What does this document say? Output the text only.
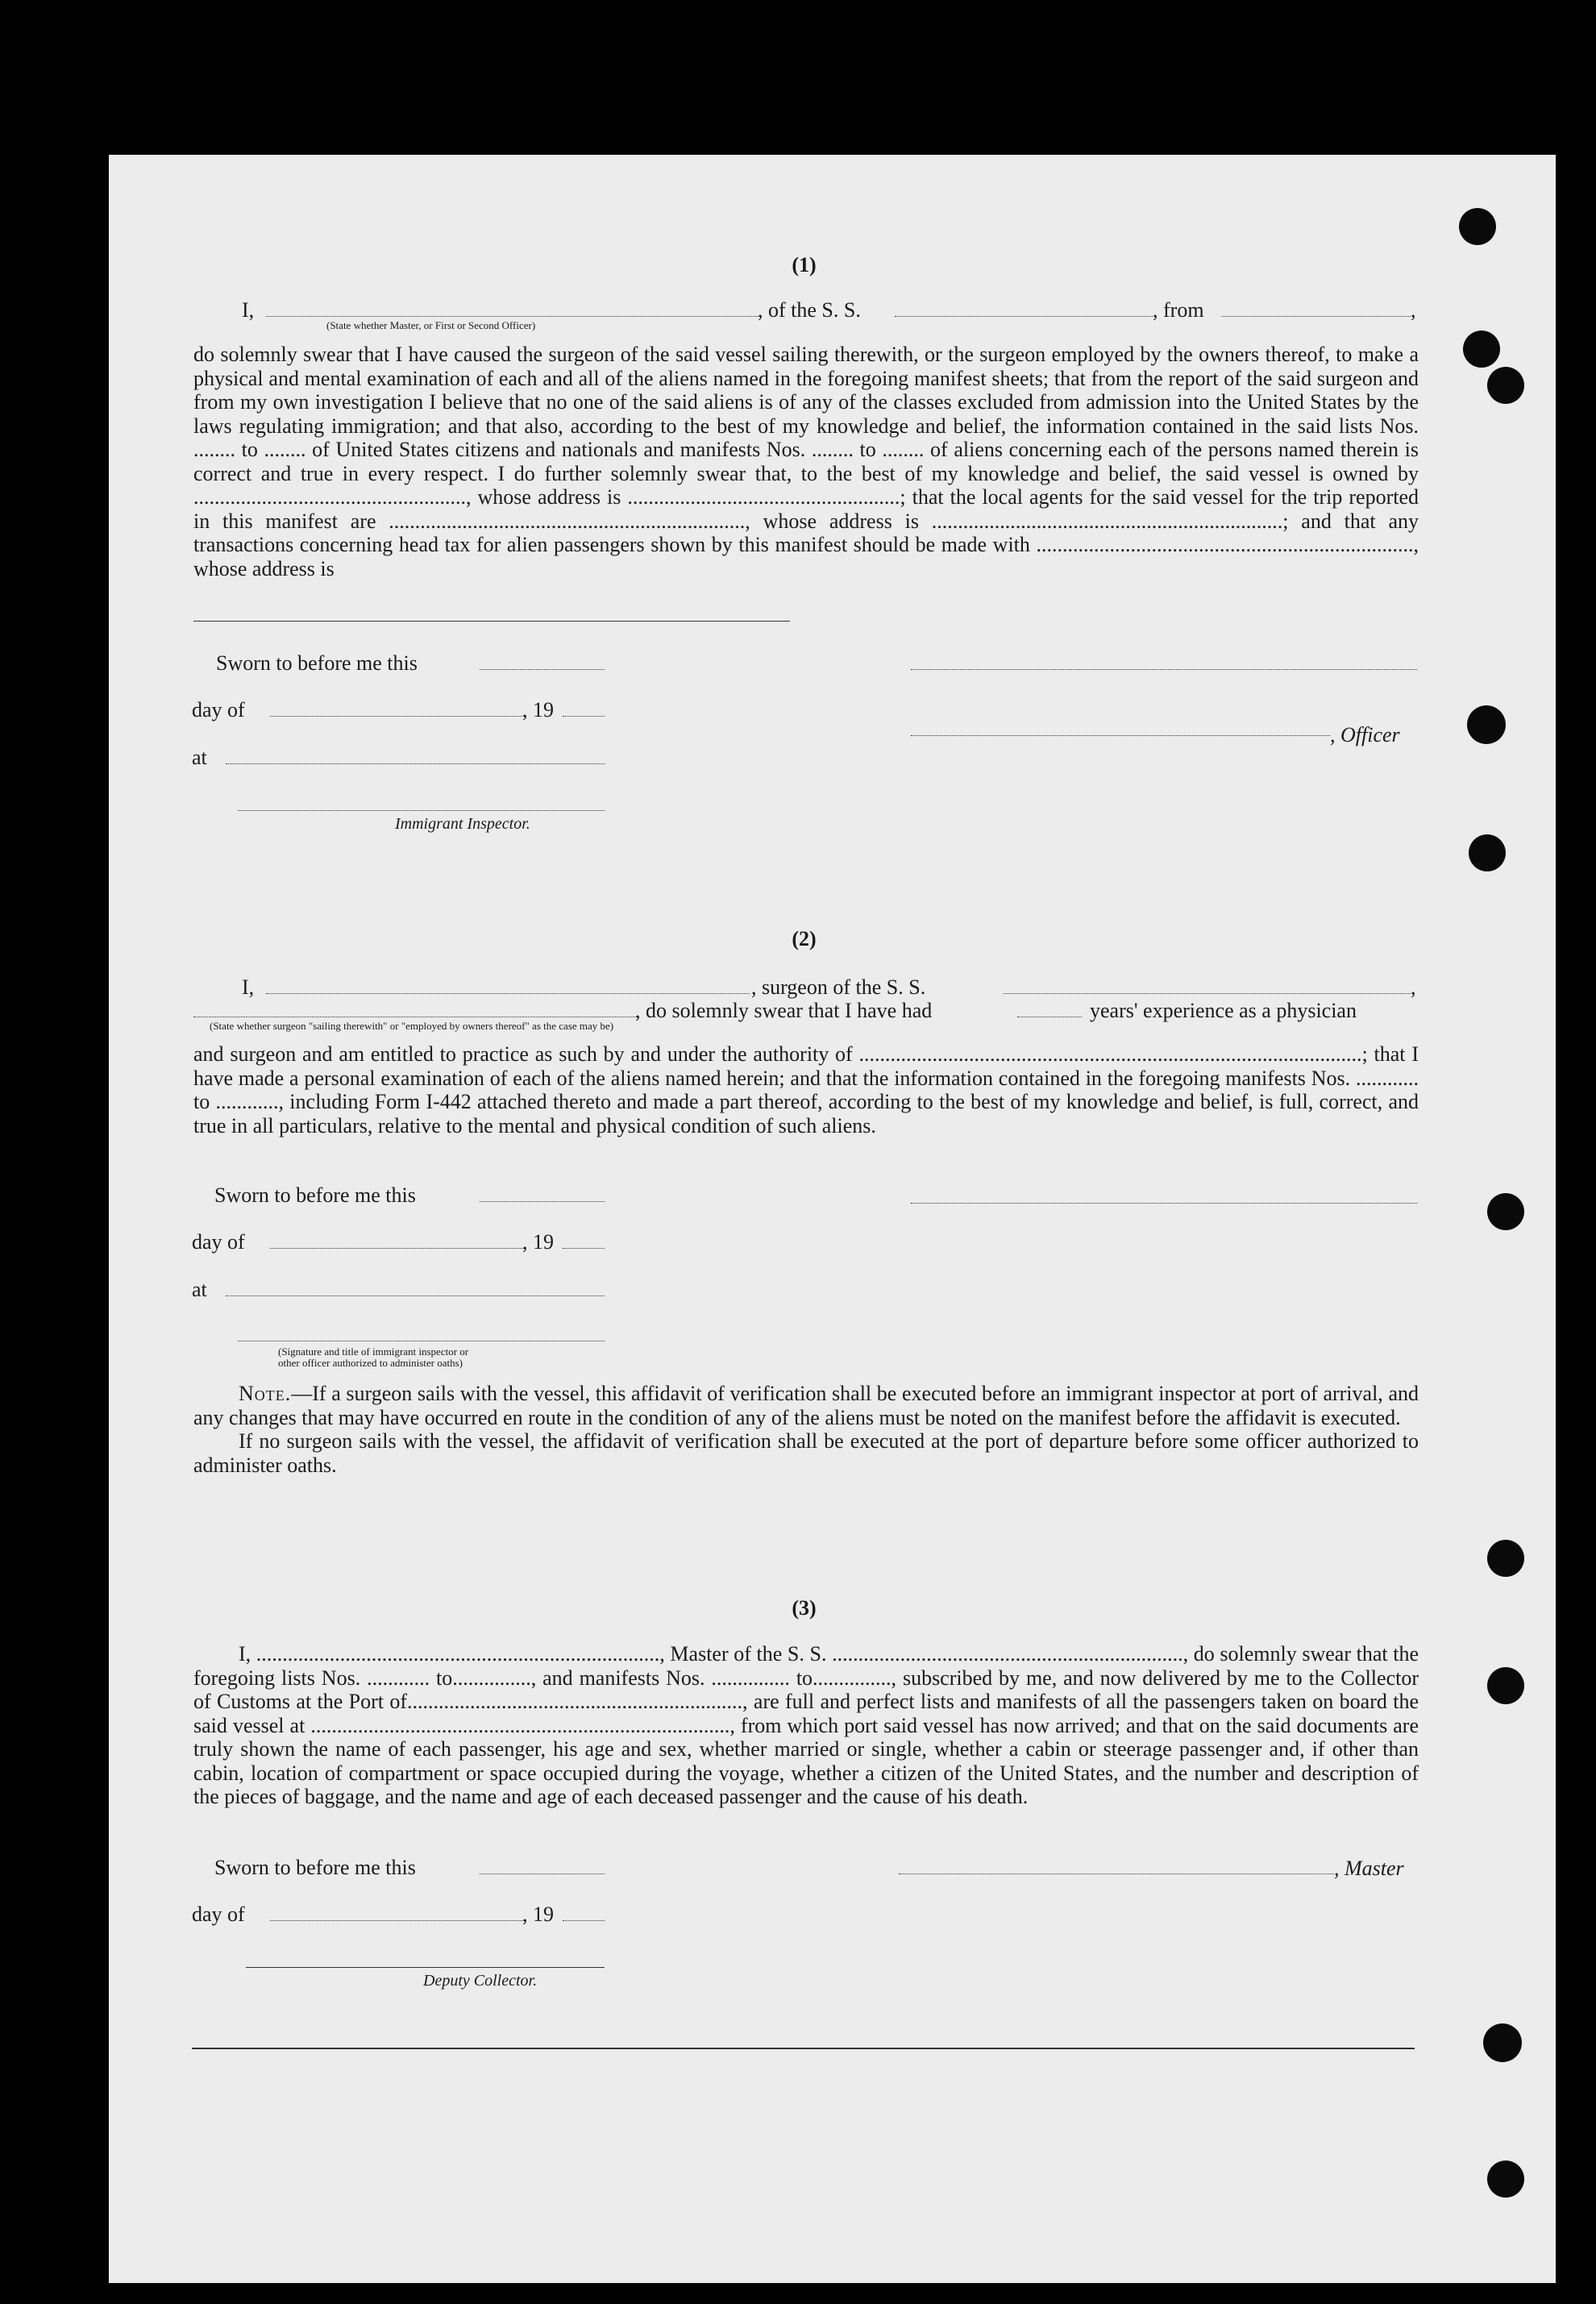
(1)
I,
(State whether Master, or First or Second Officer)
, of the S. S.	, from	,

do solemnly swear that I have caused the surgeon of the said vessel sailing therewith, or the surgeon employed by the owners thereof, to make a physical and mental examination of each and all of the aliens named in the foregoing manifest sheets; that from the report of the said surgeon and from my own investigation I believe that no one of the said aliens is of any of the classes excluded from admission into the United States by the laws regulating immigration; and that also, according to the best of my knowledge and belief, the information contained in the said lists Nos. ........ to ........ of United States citizens and nationals and manifests Nos. ........ to ........ of aliens concerning each of the persons named therein is correct and true in every respect. I do further solemnly swear that, to the best of my knowledge and belief, the said vessel is owned by ...................................................., whose address is ....................................................; that the local agents for the said vessel for the trip reported in this manifest are ...................................................................., whose address is ...................................................................; and that any transactions concerning head tax for alien passengers shown by this manifest should be made with ........................................................................, whose address is

Sworn to before me this
day of	, 19
, Officer
at
Immigrant Inspector.
(2)
I,	, surgeon of the S. S.	,
, do solemnly swear that I have had	years' experience as a physician
(State whether surgeon "sailing therewith" or "employed by owners thereof" as the case may be)

and surgeon and am entitled to practice as such by and under the authority of ................................................................................................; that I have made a personal examination of each of the aliens named herein; and that the information contained in the foregoing manifests Nos. ............ to ............, including Form I-442 attached thereto and made a part thereof, according to the best of my knowledge and belief, is full, correct, and true in all particulars, relative to the mental and physical condition of such aliens.

Sworn to before me this
day of	, 19
at
(Signature and title of immigrant inspector or
other officer authorized to administer oaths)

Note.—If a surgeon sails with the vessel, this affidavit of verification shall be executed before an immigrant inspector at port of arrival, and any changes that may have occurred en route in the condition of any of the aliens must be noted on the manifest before the affidavit is executed.

If no surgeon sails with the vessel, the affidavit of verification shall be executed at the port of departure before some officer authorized to administer oaths.

(3)

I, ............................................................................., Master of the S. S. ..................................................................., do solemnly swear that the foregoing lists Nos. ............ to..............., and manifests Nos. ............... to..............., subscribed by me, and now delivered by me to the Collector of Customs at the Port of................................................................, are full and perfect lists and manifests of all the passengers taken on board the said vessel at ................................................................................, from which port said vessel has now arrived; and that on the said documents are truly shown the name of each passenger, his age and sex, whether married or single, whether a cabin or steerage passenger and, if other than cabin, location of compartment or space occupied during the voyage, whether a citizen of the United States, and the number and description of the pieces of baggage, and the name and age of each deceased passenger and the cause of his death.

Sworn to before me this	, Master
day of	, 19
Deputy Collector.
